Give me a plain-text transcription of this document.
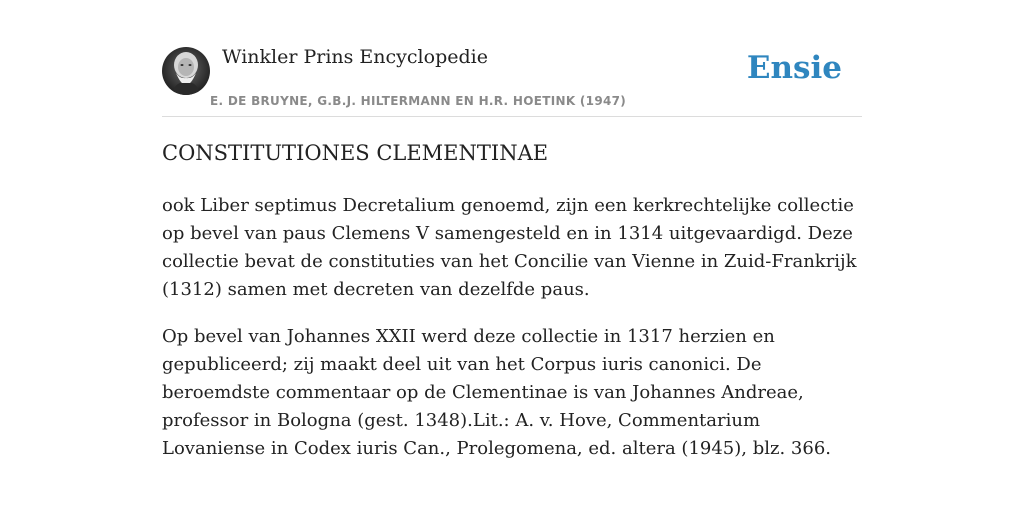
Winkler Prins Encyclopedie
E. DE BRUYNE, G.B.J. HILTERMANN EN H.R. HOETINK (1947)
Ensie
CONSTITUTIONES CLEMENTINAE

ook Liber septimus Decretalium genoemd, zijn een kerkrechtelijke collectie op bevel van paus Clemens V samengesteld en in 1314 uitgevaardigd. Deze collectie bevat de constituties van het Concilie van Vienne in Zuid-Frankrijk (1312) samen met decreten van dezelfde paus.

Op bevel van Johannes XXII werd deze collectie in 1317 herzien en gepubliceerd; zij maakt deel uit van het Corpus iuris canonici. De beroemdste commentaar op de Clementinae is van Johannes Andreae, professor in Bologna (gest. 1348).Lit.: A. v. Hove, Commentarium Lovaniense in Codex iuris Can., Prolegomena, ed. altera (1945), blz. 366.
